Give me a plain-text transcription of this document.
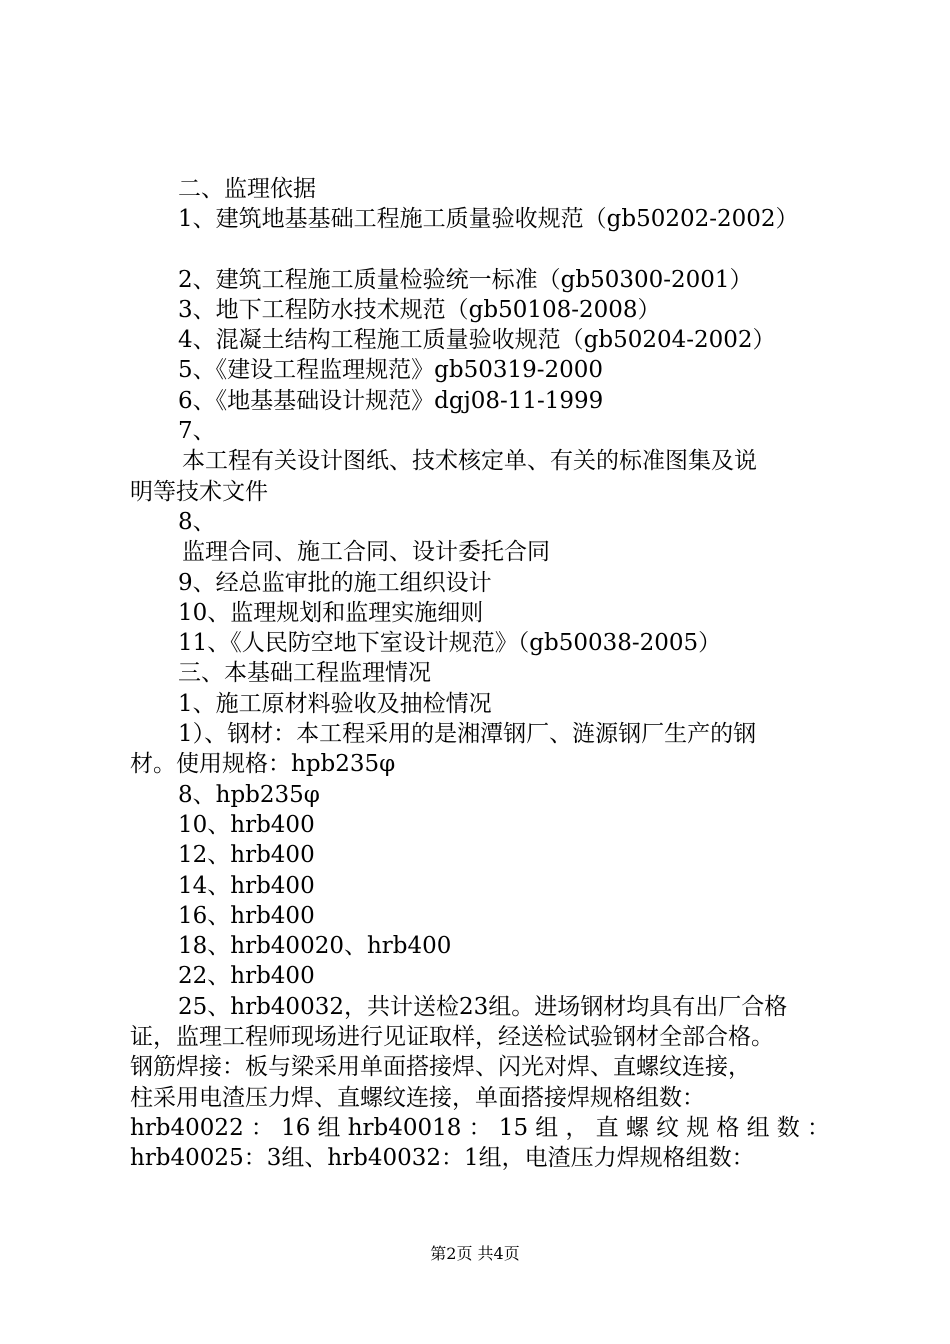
二、监理依据

1、建筑地基基础工程施工质量验收规范（gb50202-2002）

2、建筑工程施工质量检验统一标准（gb50300-2001）

3、地下工程防水技术规范（gb50108-2008）

4、混凝土结构工程施工质量验收规范（gb50204-2002）

5、《建设工程监理规范》gb50319-2000

6、《地基基础设计规范》dgj08-11-1999

7、

本工程有关设计图纸、技术核定单、有关的标准图集及说

明等技术文件

8、

监理合同、施工合同、设计委托合同

9、经总监审批的施工组织设计

10、监理规划和监理实施细则

11、《人民防空地下室设计规范》（gb50038-2005）

三、本基础工程监理情况

1、施工原材料验收及抽检情况

1）、钢材：本工程采用的是湘潭钢厂、涟源钢厂生产的钢

材。使用规格：hpb235φ

8、hpb235φ

10、hrb400

12、hrb400

14、hrb400

16、hrb400

18、hrb40020、hrb400

22、hrb400

25、hrb40032，共计送检23组。进场钢材均具有出厂合格

证，监理工程师现场进行见证取样，经送检试验钢材全部合格。

钢筋焊接：板与梁采用单面搭接焊、闪光对焊、直螺纹连接，

柱采用电渣压力焊、直螺纹连接，单面搭接焊规格组数：

hrb40022：16组hrb40018：15组，直螺纹规格组数：

hrb40025：3组、hrb40032：1组，电渣压力焊规格组数：

第2页 共4页
